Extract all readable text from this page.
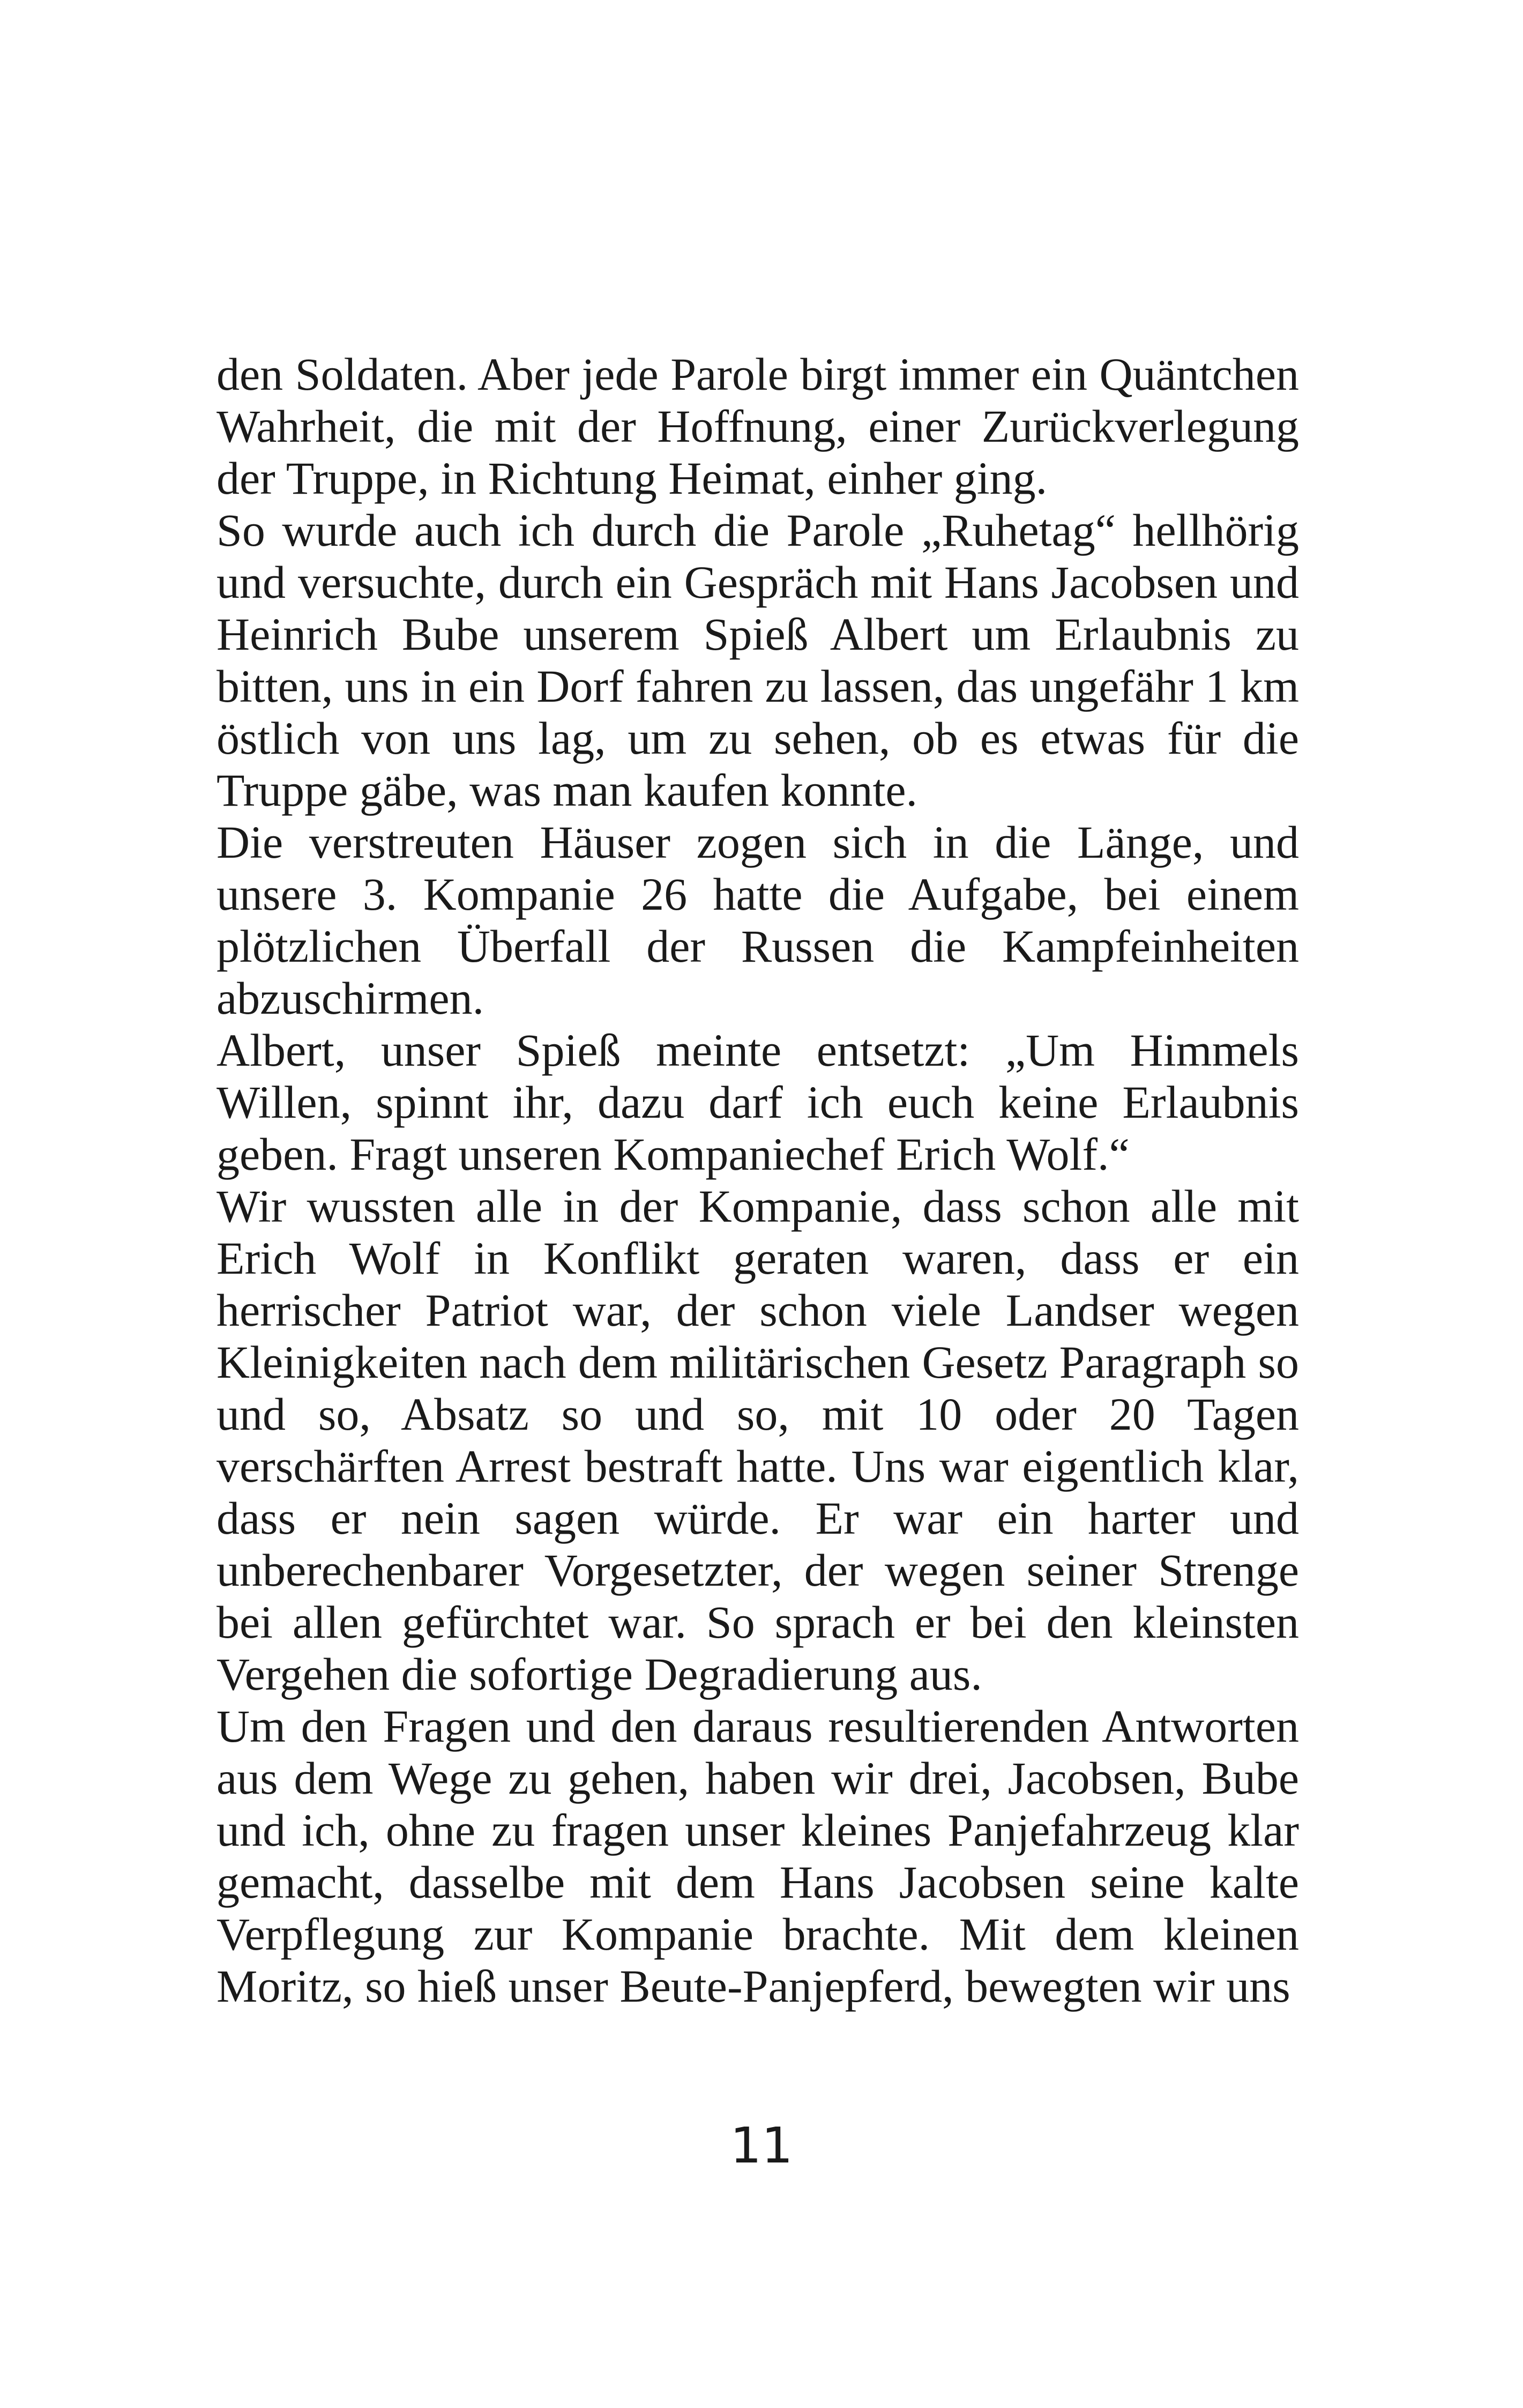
den Soldaten. Aber jede Parole birgt immer ein Quäntchen Wahrheit, die mit der Hoffnung, einer Zurückverlegung der Truppe, in Richtung Heimat, einher ging.

So wurde auch ich durch die Parole „Ruhetag“ hellhörig und versuchte, durch ein Gespräch mit Hans Jacobsen und Heinrich Bube unserem Spieß Albert um Erlaubnis zu bitten, uns in ein Dorf fahren zu lassen, das ungefähr 1 km östlich von uns lag, um zu sehen, ob es etwas für die Truppe gäbe, was man kaufen konnte.

Die verstreuten Häuser zogen sich in die Länge, und unsere 3. Kompanie 26 hatte die Aufgabe, bei einem plötzlichen Überfall der Russen die Kampfeinheiten abzuschirmen.

Albert, unser Spieß meinte entsetzt: „Um Himmels Willen, spinnt ihr, dazu darf ich euch keine Erlaubnis geben. Fragt unseren Kompaniechef Erich Wolf.“

Wir wussten alle in der Kompanie, dass schon alle mit Erich Wolf in Konflikt geraten waren, dass er ein herrischer Patriot war, der schon viele Landser wegen Kleinigkeiten nach dem militärischen Gesetz Paragraph so und so, Absatz so und so, mit 10 oder 20 Tagen verschärften Arrest bestraft hatte. Uns war eigentlich klar, dass er nein sagen würde. Er war ein harter und unberechenbarer Vorgesetzter, der wegen seiner Strenge bei allen gefürchtet war. So sprach er bei den kleinsten Vergehen die sofortige Degradierung aus.

Um den Fragen und den daraus resultierenden Antworten aus dem Wege zu gehen, haben wir drei, Jacobsen, Bube und ich, ohne zu fragen unser kleines Panjefahrzeug klar gemacht, dasselbe mit dem Hans Jacobsen seine kalte Verpflegung zur Kompanie brachte. Mit dem kleinen Moritz, so hieß unser Beute-Panjepferd, bewegten wir uns

11
